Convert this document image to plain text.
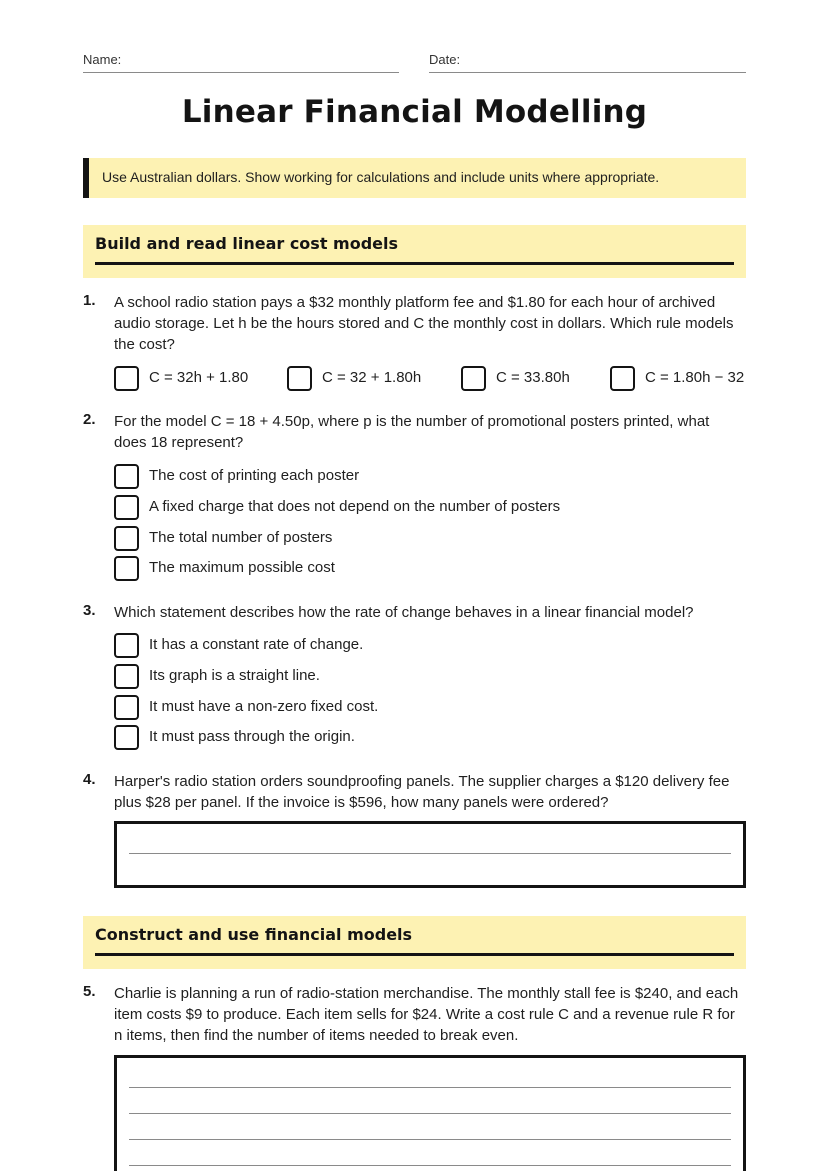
Name:	Date:
Linear Financial Modelling
Use Australian dollars. Show working for calculations and include units where appropriate.
Build and read linear cost models
1. A school radio station pays a $32 monthly platform fee and $1.80 for each hour of archived audio storage. Let h be the hours stored and C the monthly cost in dollars. Which rule models the cost?
C = 32h + 1.80	C = 32 + 1.80h	C = 33.80h	C = 1.80h − 32
2. For the model C = 18 + 4.50p, where p is the number of promotional posters printed, what does 18 represent?
The cost of printing each poster
A fixed charge that does not depend on the number of posters
The total number of posters
The maximum possible cost
3. Which statement describes how the rate of change behaves in a linear financial model?
It has a constant rate of change.
Its graph is a straight line.
It must have a non-zero fixed cost.
It must pass through the origin.
4. Harper's radio station orders soundproofing panels. The supplier charges a $120 delivery fee plus $28 per panel. If the invoice is $596, how many panels were ordered?
Construct and use financial models
5. Charlie is planning a run of radio-station merchandise. The monthly stall fee is $240, and each item costs $9 to produce. Each item sells for $24. Write a cost rule C and a revenue rule R for n items, then find the number of items needed to break even.
